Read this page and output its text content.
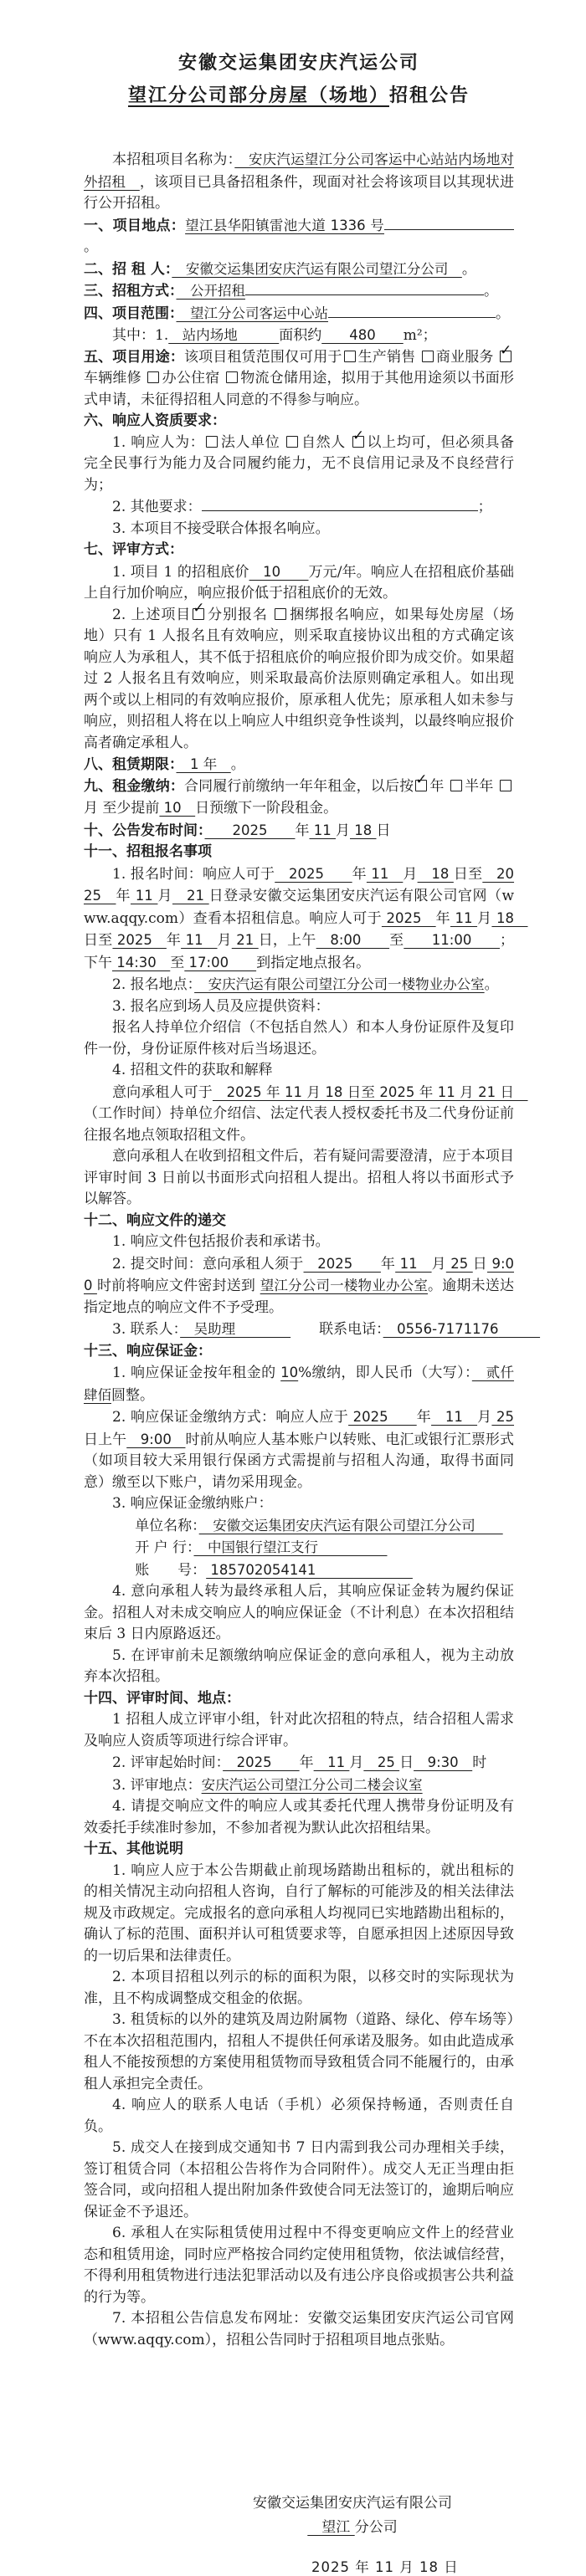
安徽交运集团安庆汽运公司
望江分公司部分房屋（场地）招租公告

本招租项目名称为：　安庆汽运望江分公司客运中心站站内场地对外招租　，该项目已具备招租条件，现面对社会将该项目以其现状进行公开招租。

一、项目地点：望江县华阳镇雷池大道 1336 号。

二、招 租 人：　安徽交运集团安庆汽运有限公司望江分公司　。

三、招租方式：　公开招租	。

四、项目范围：　望江分公司客运中心站	。

其中：1.　站内场地　　　面积约　　480　　m²；

五、项目用途：该项目租赁范围仅可用于 生产销售 商业服务 ✓
车辆维修 办公住宿 物流仓储用途，拟用于其他用途须以书面形式申请，未征得招租人同意的不得参与响应。

六、响应人资质要求：

1. 响应人为： 法人单位 自然人 ✓ 以上均可，但必须具备完全民事行为能力及合同履约能力，无不良信用记录及不良经营行为；

2. 其他要求：	；

3. 本项目不接受联合体报名响应。

七、评审方式：

1. 项目 1 的招租底价　10　　万元/年。响应人在招租底价基础上自行加价响应，响应报价低于招租底价的无效。

2. 上述项目 ✓ 分别报名 捆绑报名响应，如果每处房屋（场地）只有 1 人报名且有效响应，则采取直接协议出租的方式确定该响应人为承租人，其不低于招租底价的响应报价即为成交价。如果超过 2 人报名且有效响应，则采取最高价法原则确定承租人。如出现两个或以上相同的有效响应报价，原承租人优先；原承租人如未参与响应，则招租人将在以上响应人中组织竞争性谈判，以最终响应报价高者确定承租人。

八、租赁期限：　1 年　。

九、租金缴纳：合同履行前缴纳一年年租金，以后按 ✓ 年 半年 月 至少提前 10　日预缴下一阶段租金。

十、公告发布时间：　　2025　　年 11 月 18 日

十一、招租报名事项

1. 报名时间：响应人可于　2025　　年 11　月　18 日至　2025　年 11 月　21 日登录安徽交运集团安庆汽运有限公司官网（www.aqqy.com）查看本招租信息。响应人可于 2025　年 11 月 18　日至 2025　年 11　月 21 日，上午　8:00　　至　　11:00　　；下午 14:30　至 17:00　　到指定地点报名。

2. 报名地点：　安庆汽运有限公司望江分公司一楼物业办公室。

3. 报名应到场人员及应提供资料：

报名人持单位介绍信（不包括自然人）和本人身份证原件及复印件一份，身份证原件核对后当场退还。

4. 招租文件的获取和解释

意向承租人可于　2025 年 11 月 18 日至 2025 年 11 月 21 日　（工作时间）持单位介绍信、法定代表人授权委托书及二代身份证前往报名地点领取招租文件。

意向承租人在收到招租文件后，若有疑问需要澄清，应于本项目评审时间 3 日前以书面形式向招租人提出。招租人将以书面形式予以解答。

十二、响应文件的递交

1. 响应文件包括报价表和承诺书。

2. 提交时间：意向承租人须于　2025　　年 11　月 25 日 9:00 时前将响应文件密封送到 望江分公司一楼物业办公室。逾期未送达指定地点的响应文件不予受理。

3. 联系人：　吴助理　　　　　　联系电话：　0556-7171176　　　

十三、响应保证金：

1. 响应保证金按年租金的 10%缴纳，即人民币（大写）：　贰仟肆佰圆整。

2. 响应保证金缴纳方式：响应人应于 2025　　年　11　月 25 日上午　9:00　时前从响应人基本账户以转账、电汇或银行汇票形式（如项目较大采用银行保函方式需提前与招租人沟通，取得书面同意）缴至以下账户，请勿采用现金。

3. 响应保证金缴纳账户：

单位名称：　安徽交运集团安庆汽运有限公司望江分公司　　

开 户 行：　中国银行望江支行　　　　　

账　　号： 185702054141　　　　　　　

4. 意向承租人转为最终承租人后，其响应保证金转为履约保证金。招租人对未成交响应人的响应保证金（不计利息）在本次招租结束后 3 日内原路返还。

5. 在评审前未足额缴纳响应保证金的意向承租人，视为主动放弃本次招租。

十四、评审时间、地点：

1 招租人成立评审小组，针对此次招租的特点，结合招租人需求及响应人资质等项进行综合评审。

2. 评审起始时间：　2025　　年　11 月　25 日　9:30　时

3. 评审地点：安庆汽运公司望江分公司二楼会议室

4. 请提交响应文件的响应人或其委托代理人携带身份证明及有效委托手续准时参加，不参加者视为默认此次招租结果。

十五、其他说明

1. 响应人应于本公告期截止前现场踏勘出租标的，就出租标的的相关情况主动向招租人咨询，自行了解标的可能涉及的相关法律法规及市政规定。完成报名的意向承租人均视同已实地踏勘出租标的，确认了标的范围、面积并认可租赁要求等，自愿承担因上述原因导致的一切后果和法律责任。

2. 本项目招租以列示的标的面积为限，以移交时的实际现状为准，且不构成调整成交租金的依据。

3. 租赁标的以外的建筑及周边附属物（道路、绿化、停车场等）不在本次招租范围内，招租人不提供任何承诺及服务。如由此造成承租人不能按预想的方案使用租赁物而导致租赁合同不能履行的，由承租人承担完全责任。

4. 响应人的联系人电话（手机）必须保持畅通，否则责任自负。

5. 成交人在接到成交通知书 7 日内需到我公司办理相关手续，签订租赁合同（本招租公告将作为合同附件）。成交人无正当理由拒签合同，或向招租人提出附加条件致使合同无法签订的，逾期后响应保证金不予退还。

6. 承租人在实际租赁使用过程中不得变更响应文件上的经营业态和租赁用途，同时应严格按合同约定使用租赁物，依法诚信经营，不得利用租赁物进行违法犯罪活动以及有违公序良俗或损害公共利益的行为等。

7. 本招租公告信息发布网址：安徽交运集团安庆汽运公司官网（www.aqqy.com），招租公告同时于招租项目地点张贴。

安徽交运集团安庆汽运有限公司
　望江 分公司
2025 年 11 月 18 日
